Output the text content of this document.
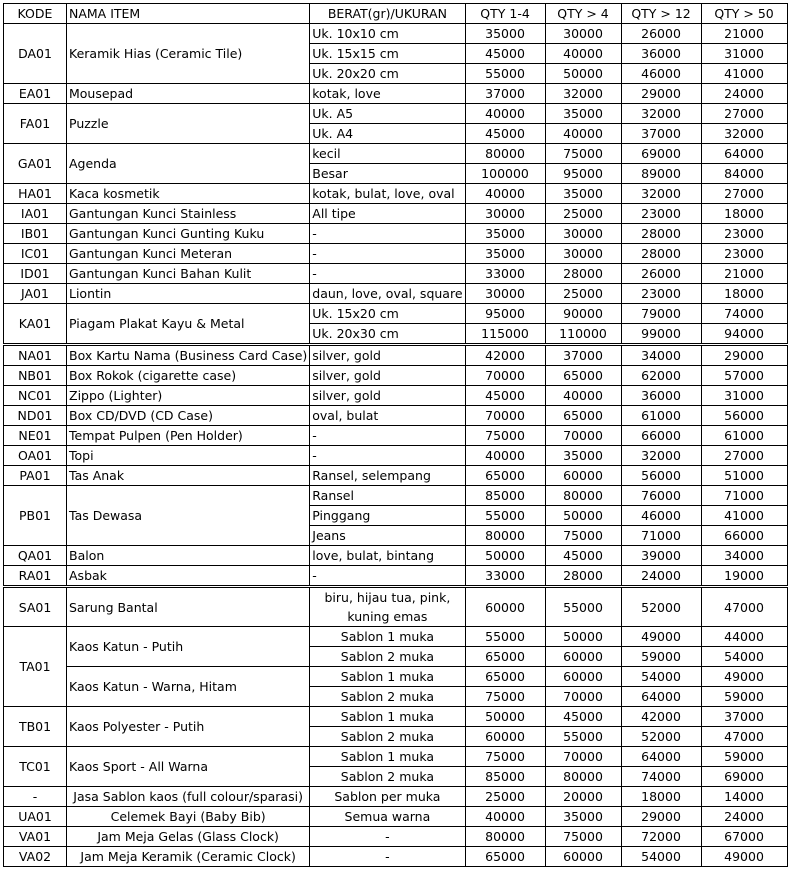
KODE	NAMA ITEM	BERAT(gr)/UKURAN	QTY 1-4	QTY > 4	QTY > 12	QTY > 50
DA01	Keramik Hias (Ceramic Tile)	Uk. 10x10 cm	35000	30000	26000	21000
		Uk. 15x15 cm	45000	40000	36000	31000
		Uk. 20x20 cm	55000	50000	46000	41000
EA01	Mousepad	kotak, love	37000	32000	29000	24000
FA01	Puzzle	Uk. A5	40000	35000	32000	27000
		Uk. A4	45000	40000	37000	32000
GA01	Agenda	kecil	80000	75000	69000	64000
		Besar	100000	95000	89000	84000
HA01	Kaca kosmetik	kotak, bulat, love, oval	40000	35000	32000	27000
IA01	Gantungan Kunci Stainless	All tipe	30000	25000	23000	18000
IB01	Gantungan Kunci Gunting Kuku	-	35000	30000	28000	23000
IC01	Gantungan Kunci Meteran	-	35000	30000	28000	23000
ID01	Gantungan Kunci Bahan Kulit	-	33000	28000	26000	21000
JA01	Liontin	daun, love, oval, square	30000	25000	23000	18000
KA01	Piagam Plakat Kayu & Metal	Uk. 15x20 cm	95000	90000	79000	74000
		Uk. 20x30 cm	115000	110000	99000	94000
NA01	Box Kartu Nama (Business Card Case)	silver, gold	42000	37000	34000	29000
NB01	Box Rokok (cigarette case)	silver, gold	70000	65000	62000	57000
NC01	Zippo (Lighter)	silver, gold	45000	40000	36000	31000
ND01	Box CD/DVD (CD Case)	oval, bulat	70000	65000	61000	56000
NE01	Tempat Pulpen (Pen Holder)	-	75000	70000	66000	61000
OA01	Topi	-	40000	35000	32000	27000
PA01	Tas Anak	Ransel, selempang	65000	60000	56000	51000
PB01	Tas Dewasa	Ransel	85000	80000	76000	71000
		Pinggang	55000	50000	46000	41000
		Jeans	80000	75000	71000	66000
QA01	Balon	love, bulat, bintang	50000	45000	39000	34000
RA01	Asbak	-	33000	28000	24000	19000
SA01	Sarung Bantal	biru, hijau tua, pink, kuning emas	60000	55000	52000	47000
TA01	Kaos Katun - Putih	Sablon 1 muka	55000	50000	49000	44000
		Sablon 2 muka	65000	60000	59000	54000
	Kaos Katun - Warna, Hitam	Sablon 1 muka	65000	60000	54000	49000
		Sablon 2 muka	75000	70000	64000	59000
TB01	Kaos Polyester - Putih	Sablon 1 muka	50000	45000	42000	37000
		Sablon 2 muka	60000	55000	52000	47000
TC01	Kaos Sport - All Warna	Sablon 1 muka	75000	70000	64000	59000
		Sablon 2 muka	85000	80000	74000	69000
-	Jasa Sablon kaos (full colour/sparasi)	Sablon per muka	25000	20000	18000	14000
UA01	Celemek Bayi (Baby Bib)	Semua warna	40000	35000	29000	24000
VA01	Jam Meja Gelas (Glass Clock)	-	80000	75000	72000	67000
VA02	Jam Meja Keramik (Ceramic Clock)	-	65000	60000	54000	49000
